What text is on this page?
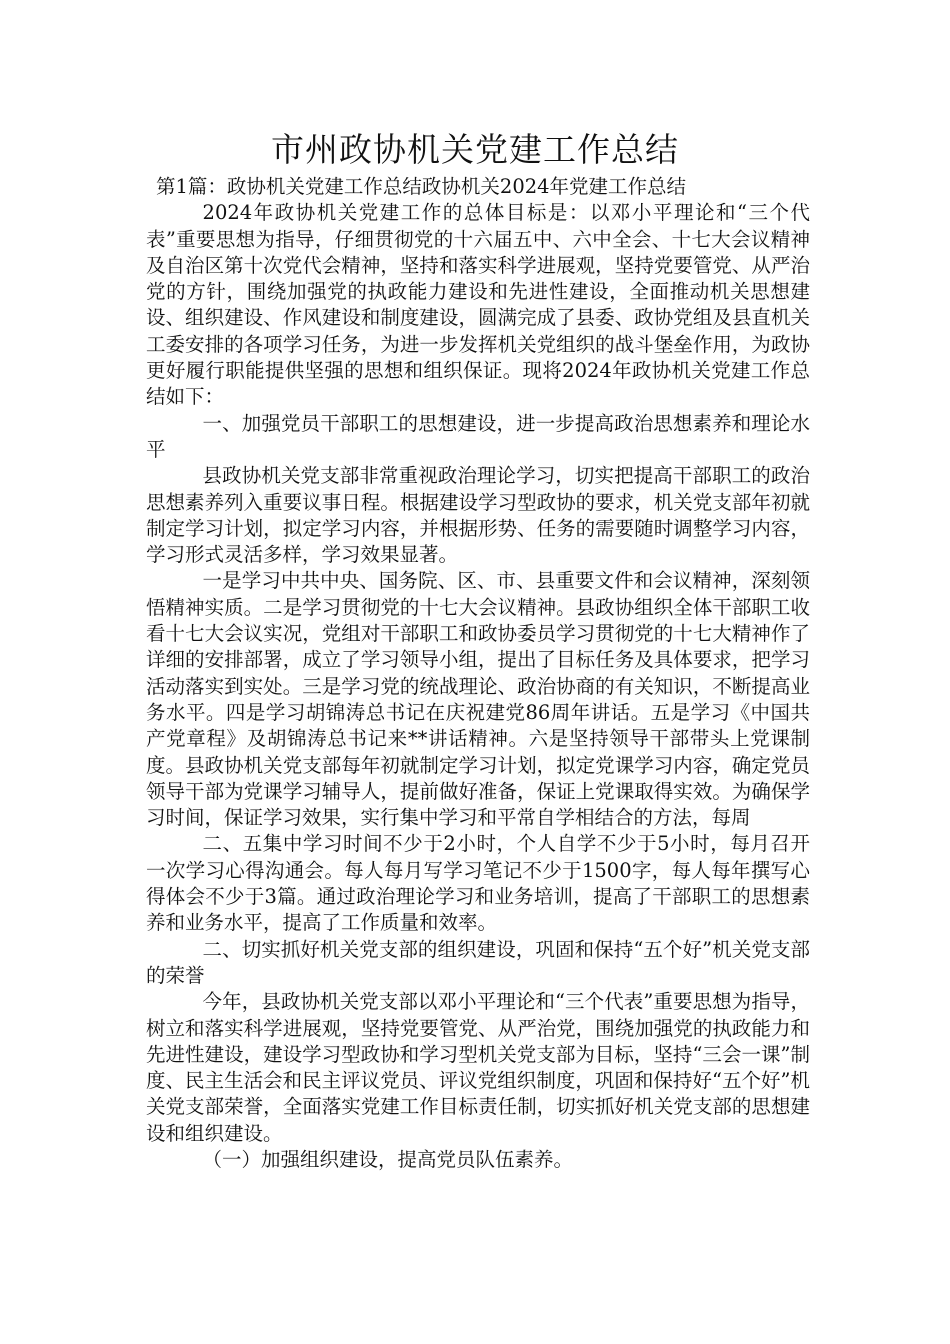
市州政协机关党建工作总结

第1篇：政协机关党建工作总结政协机关2024年党建工作总结

2024年政协机关党建工作的总体目标是：以邓小平理论和“三个代表”重要思想为指导，仔细贯彻党的十六届五中、六中全会、十七大会议精神及自治区第十次党代会精神，坚持和落实科学进展观，坚持党要管党、从严治党的方针，围绕加强党的执政能力建设和先进性建设，全面推动机关思想建设、组织建设、作风建设和制度建设，圆满完成了县委、政协党组及县直机关工委安排的各项学习任务，为进一步发挥机关党组织的战斗堡垒作用，为政协更好履行职能提供坚强的思想和组织保证。现将2024年政协机关党建工作总结如下：

一、加强党员干部职工的思想建设，进一步提高政治思想素养和理论水平

县政协机关党支部非常重视政治理论学习，切实把提高干部职工的政治思想素养列入重要议事日程。根据建设学习型政协的要求，机关党支部年初就制定学习计划，拟定学习内容，并根据形势、任务的需要随时调整学习内容，学习形式灵活多样，学习效果显著。

一是学习中共中央、国务院、区、市、县重要文件和会议精神，深刻领悟精神实质。二是学习贯彻党的十七大会议精神。县政协组织全体干部职工收看十七大会议实况，党组对干部职工和政协委员学习贯彻党的十七大精神作了详细的安排部署，成立了学习领导小组，提出了目标任务及具体要求，把学习活动落实到实处。三是学习党的统战理论、政治协商的有关知识，不断提高业务水平。四是学习胡锦涛总书记在庆祝建党86周年讲话。五是学习《中国共产党章程》及胡锦涛总书记来**讲话精神。六是坚持领导干部带头上党课制度。县政协机关党支部每年初就制定学习计划，拟定党课学习内容，确定党员领导干部为党课学习辅导人，提前做好准备，保证上党课取得实效。为确保学习时间，保证学习效果，实行集中学习和平常自学相结合的方法，每周

二、五集中学习时间不少于2小时，个人自学不少于5小时，每月召开一次学习心得沟通会。每人每月写学习笔记不少于1500字，每人每年撰写心得体会不少于3篇。通过政治理论学习和业务培训，提高了干部职工的思想素养和业务水平，提高了工作质量和效率。

二、切实抓好机关党支部的组织建设，巩固和保持“五个好”机关党支部的荣誉

今年，县政协机关党支部以邓小平理论和“三个代表”重要思想为指导，树立和落实科学进展观，坚持党要管党、从严治党，围绕加强党的执政能力和先进性建设，建设学习型政协和学习型机关党支部为目标，坚持“三会一课”制度、民主生活会和民主评议党员、评议党组织制度，巩固和保持好“五个好”机关党支部荣誉，全面落实党建工作目标责任制，切实抓好机关党支部的思想建设和组织建设。

（一）加强组织建设，提高党员队伍素养。
